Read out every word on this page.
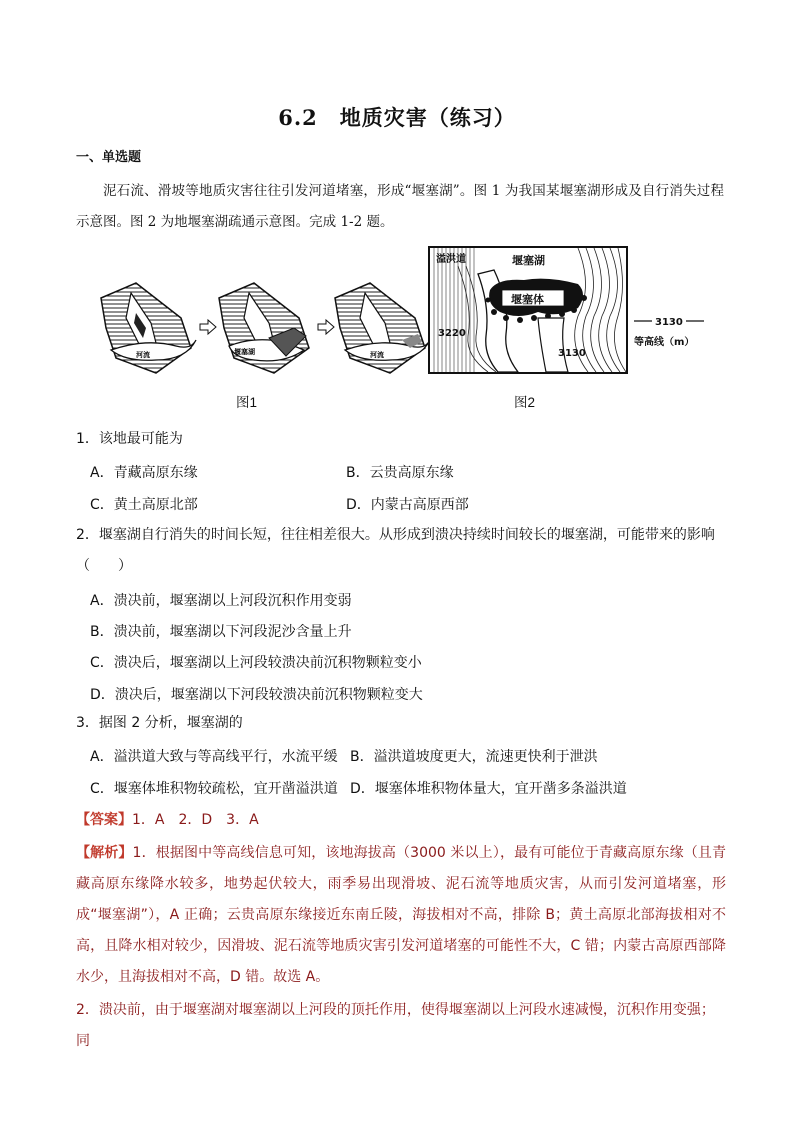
6.2　地质灾害（练习）
一、单选题
泥石流、滑坡等地质灾害往往引发河道堵塞，形成“堰塞湖”。图 1 为我国某堰塞湖形成及自行消失过程示意图。图 2 为地堰塞湖疏通示意图。完成 1-2 题。
河流	堰塞湖	河流
图1
溢洪道	堰塞湖
堰塞体
3220
3130
3130
等高线（m）
图2
1．该地最可能为
A．青藏高原东缘	B．云贵高原东缘
C．黄土高原北部	D．内蒙古高原西部
2．堰塞湖自行消失的时间长短，往往相差很大。从形成到溃决持续时间较长的堰塞湖，可能带来的影响（　　）
A．溃决前，堰塞湖以上河段沉积作用变弱
B．溃决前，堰塞湖以下河段泥沙含量上升
C．溃决后，堰塞湖以上河段较溃决前沉积物颗粒变小
D．溃决后，堰塞湖以下河段较溃决前沉积物颗粒变大
3．据图 2 分析，堰塞湖的
A．溢洪道大致与等高线平行，水流平缓 B．溢洪道坡度更大，流速更快利于泄洪
C．堰塞体堆积物较疏松，宜开凿溢洪道 D．堰塞体堆积物体量大，宜开凿多条溢洪道
【答案】1．A　2．D　3．A
【解析】1．根据图中等高线信息可知，该地海拔高（3000 米以上），最有可能位于青藏高原东缘（且青藏高原东缘降水较多，地势起伏较大，雨季易出现滑坡、泥石流等地质灾害，从而引发河道堵塞，形成“堰塞湖”），A 正确；云贵高原东缘接近东南丘陵，海拔相对不高，排除 B；黄土高原北部海拔相对不高，且降水相对较少，因滑坡、泥石流等地质灾害引发河道堵塞的可能性不大，C 错；内蒙古高原西部降水少，且海拔相对不高，D 错。故选 A。
2．溃决前，由于堰塞湖对堰塞湖以上河段的顶托作用，使得堰塞湖以上河段水速减慢，沉积作用变强；同
